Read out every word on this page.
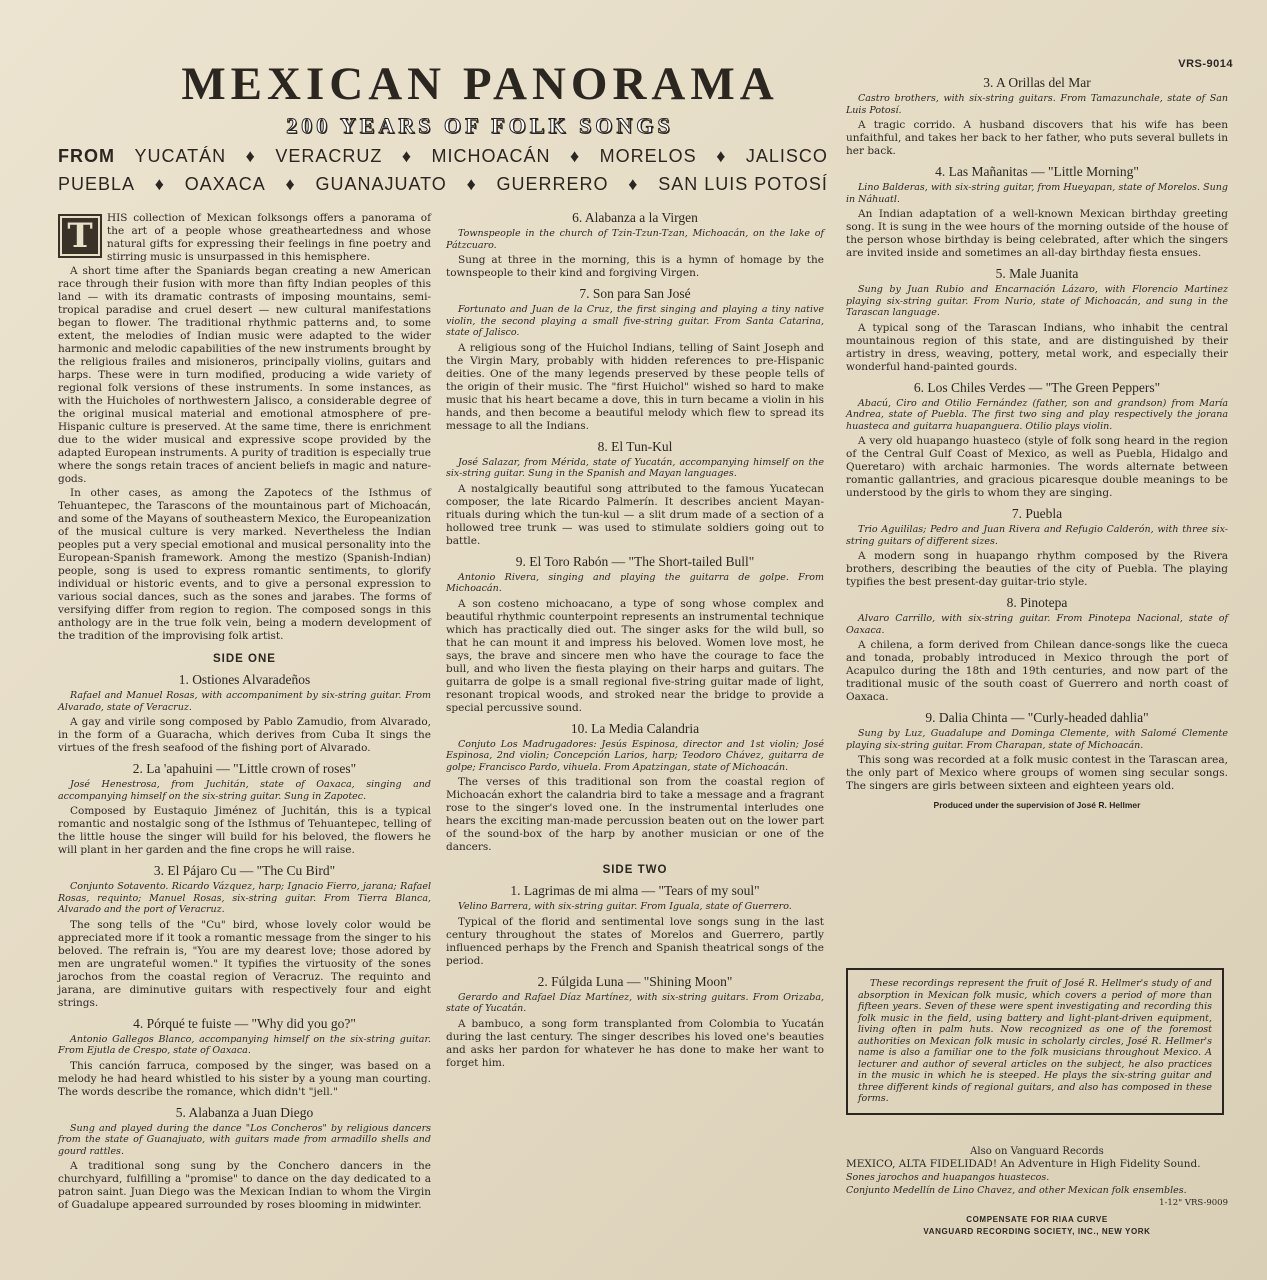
VRS-9014
MEXICAN PANORAMA
200 YEARS OF FOLK SONGS
FROM YUCATÁN ♦ VERACRUZ ♦ MICHOACÁN ♦ MORELOS ♦ JALISCO
PUEBLA ♦ OAXACA ♦ GUANAJUATO ♦ GUERRERO ♦ SAN LUIS POTOSÍ
T	HIS collection of Mexican folksongs offers a panorama of the art of a people whose greatheartedness and whose natural gifts for expressing their feelings in fine poetry and stirring music is unsurpassed in this hemisphere.

A short time after the Spaniards began creating a new American race through their fusion with more than fifty Indian peoples of this land — with its dramatic contrasts of imposing mountains, semi-tropical paradise and cruel desert — new cultural manifestations began to flower. The traditional rhythmic patterns and, to some extent, the melodies of Indian music were adapted to the wider harmonic and melodic capabilities of the new instruments brought by the religious frailes and misioneros, principally violins, guitars and harps. These were in turn modified, producing a wide variety of regional folk versions of these instruments. In some instances, as with the Huicholes of northwestern Jalisco, a considerable degree of the original musical material and emotional atmosphere of pre-Hispanic culture is preserved. At the same time, there is enrichment due to the wider musical and expressive scope provided by the adapted European instruments. A purity of tradition is especially true where the songs retain traces of ancient beliefs in magic and nature-gods.

In other cases, as among the Zapotecs of the Isthmus of Tehuantepec, the Tarascons of the mountainous part of Michoacán, and some of the Mayans of southeastern Mexico, the Europeanization of the musical culture is very marked. Nevertheless the Indian peoples put a very special emotional and musical personality into the European-Spanish framework. Among the mestizo (Spanish-Indian) people, song is used to express romantic sentiments, to glorify individual or historic events, and to give a personal expression to various social dances, such as the sones and jarabes. The forms of versifying differ from region to region. The composed songs in this anthology are in the true folk vein, being a modern development of the tradition of the improvising folk artist.

SIDE ONE
1. Ostiones Alvaradeños

Rafael and Manuel Rosas, with accompaniment by six-string guitar. From Alvarado, state of Veracruz.

A gay and virile song composed by Pablo Zamudio, from Alvarado, in the form of a Guaracha, which derives from Cuba It sings the virtues of the fresh seafood of the fishing port of Alvarado.

2. La 'apahuini — "Little crown of roses"

José Henestrosa, from Juchitán, state of Oaxaca, singing and accompanying himself on the six-string guitar. Sung in Zapotec.

Composed by Eustaquio Jiménez of Juchitán, this is a typical romantic and nostalgic song of the Isthmus of Tehuantepec, telling of the little house the singer will build for his beloved, the flowers he will plant in her garden and the fine crops he will raise.

3. El Pájaro Cu — "The Cu Bird"

Conjunto Sotavento. Ricardo Vázquez, harp; Ignacio Fierro, jarana; Rafael Rosas, requinto; Manuel Rosas, six-string guitar. From Tierra Blanca, Alvarado and the port of Veracruz.

The song tells of the "Cu" bird, whose lovely color would be appreciated more if it took a romantic message from the singer to his beloved. The refrain is, "You are my dearest love; those adored by men are ungrateful women." It typifies the virtuosity of the sones jarochos from the coastal region of Veracruz. The requinto and jarana, are diminutive guitars with respectively four and eight strings.

4. Pórqué te fuiste — "Why did you go?"

Antonio Gallegos Blanco, accompanying himself on the six-string guitar. From Ejutla de Crespo, state of Oaxaca.

This canción farruca, composed by the singer, was based on a melody he had heard whistled to his sister by a young man courting. The words describe the romance, which didn't "jell."

5. Alabanza a Juan Diego

Sung and played during the dance "Los Concheros" by religious dancers from the state of Guanajuato, with guitars made from armadillo shells and gourd rattles.

A traditional song sung by the Conchero dancers in the churchyard, fulfilling a "promise" to dance on the day dedicated to a patron saint. Juan Diego was the Mexican Indian to whom the Virgin of Guadalupe appeared surrounded by roses blooming in midwinter.

6. Alabanza a la Virgen

Townspeople in the church of Tzin-Tzun-Tzan, Michoacán, on the lake of Pátzcuaro.

Sung at three in the morning, this is a hymn of homage by the townspeople to their kind and forgiving Virgen.

7. Son para San José

Fortunato and Juan de la Cruz, the first singing and playing a tiny native violin, the second playing a small five-string guitar. From Santa Catarina, state of Jalisco.

A religious song of the Huichol Indians, telling of Saint Joseph and the Virgin Mary, probably with hidden references to pre-Hispanic deities. One of the many legends preserved by these people tells of the origin of their music. The "first Huichol" wished so hard to make music that his heart became a dove, this in turn became a violin in his hands, and then become a beautiful melody which flew to spread its message to all the Indians.

8. El Tun-Kul

José Salazar, from Mérida, state of Yucatán, accompanying himself on the six-string guitar. Sung in the Spanish and Mayan languages.

A nostalgically beautiful song attributed to the famous Yucatecan composer, the late Ricardo Palmerín. It describes ancient Mayan-rituals during which the tun-kul — a slit drum made of a section of a hollowed tree trunk — was used to stimulate soldiers going out to battle.

9. El Toro Rabón — "The Short-tailed Bull"

Antonio Rivera, singing and playing the guitarra de golpe. From Michoacán.

A son costeno michoacano, a type of song whose complex and beautiful rhythmic counterpoint represents an instrumental technique which has practically died out. The singer asks for the wild bull, so that he can mount it and impress his beloved. Women love most, he says, the brave and sincere men who have the courage to face the bull, and who liven the fiesta playing on their harps and guitars. The guitarra de golpe is a small regional five-string guitar made of light, resonant tropical woods, and stroked near the bridge to provide a special percussive sound.

10. La Media Calandria

Conjuto Los Madrugadores: Jesús Espinosa, director and 1st violin; José Espinosa, 2nd violin; Concepción Larios, harp; Teodoro Chávez, guitarra de golpe; Francisco Pardo, vihuela. From Apatzingan, state of Michoacán.

The verses of this traditional son from the coastal region of Michoacán exhort the calandria bird to take a message and a fragrant rose to the singer's loved one. In the instrumental interludes one hears the exciting man-made percussion beaten out on the lower part of the sound-box of the harp by another musician or one of the dancers.

SIDE TWO
1. Lagrimas de mi alma — "Tears of my soul"

Velino Barrera, with six-string guitar. From Iguala, state of Guerrero.

Typical of the florid and sentimental love songs sung in the last century throughout the states of Morelos and Guerrero, partly influenced perhaps by the French and Spanish theatrical songs of the period.

2. Fúlgida Luna — "Shining Moon"

Gerardo and Rafael Díaz Martínez, with six-string guitars. From Orizaba, state of Yucatán.

A bambuco, a song form transplanted from Colombia to Yucatán during the last century. The singer describes his loved one's beauties and asks her pardon for whatever he has done to make her want to forget him.

3. A Orillas del Mar

Castro brothers, with six-string guitars. From Tamazunchale, state of San Luis Potosí.

A tragic corrido. A husband discovers that his wife has been unfaithful, and takes her back to her father, who puts several bullets in her back.

4. Las Mañanitas — "Little Morning"

Lino Balderas, with six-string guitar, from Hueyapan, state of Morelos. Sung in Náhuatl.

An Indian adaptation of a well-known Mexican birthday greeting song. It is sung in the wee hours of the morning outside of the house of the person whose birthday is being celebrated, after which the singers are invited inside and sometimes an all-day birthday fiesta ensues.

5. Male Juanita

Sung by Juan Rubio and Encarnación Lázaro, with Florencio Martinez playing six-string guitar. From Nurio, state of Michoacán, and sung in the Tarascan language.

A typical song of the Tarascan Indians, who inhabit the central mountainous region of this state, and are distinguished by their artistry in dress, weaving, pottery, metal work, and especially their wonderful hand-painted gourds.

6. Los Chiles Verdes — "The Green Peppers"

Abacú, Ciro and Otilio Fernández (father, son and grandson) from María Andrea, state of Puebla. The first two sing and play respectively the jorana huasteca and guitarra huapanguera. Otilio plays violin.

A very old huapango huasteco (style of folk song heard in the region of the Central Gulf Coast of Mexico, as well as Puebla, Hidalgo and Queretaro) with archaic harmonies. The words alternate between romantic gallantries, and gracious picaresque double meanings to be understood by the girls to whom they are singing.

7. Puebla

Trio Aguililas; Pedro and Juan Rivera and Refugio Calderón, with three six-string guitars of different sizes.

A modern song in huapango rhythm composed by the Rivera brothers, describing the beauties of the city of Puebla. The playing typifies the best present-day guitar-trio style.

8. Pinotepa

Alvaro Carrillo, with six-string guitar. From Pinotepa Nacional, state of Oaxaca.

A chilena, a form derived from Chilean dance-songs like the cueca and tonada, probably introduced in Mexico through the port of Acapulco during the 18th and 19th centuries, and now part of the traditional music of the south coast of Guerrero and north coast of Oaxaca.

9. Dalia Chinta — "Curly-headed dahlia"

Sung by Luz, Guadalupe and Dominga Clemente, with Salomé Clemente playing six-string guitar. From Charapan, state of Michoacán.

This song was recorded at a folk music contest in the Tarascan area, the only part of Mexico where groups of women sing secular songs. The singers are girls between sixteen and eighteen years old.

Produced under the supervision of José R. Hellmer

These recordings represent the fruit of José R. Hellmer's study of and absorption in Mexican folk music, which covers a period of more than fifteen years. Seven of these were spent investigating and recording this folk music in the field, using battery and light-plant-driven equipment, living often in palm huts. Now recognized as one of the foremost authorities on Mexican folk music in scholarly circles, José R. Hellmer's name is also a familiar one to the folk musicians throughout Mexico. A lecturer and author of several articles on the subject, he also practices in the music in which he is steeped. He plays the six-string guitar and three different kinds of regional guitars, and also has composed in these forms.

Also on Vanguard Records
MEXICO, ALTA FIDELIDAD! An Adventure in High Fidelity Sound.
Sones jarochos and huapangos huastecos.
Conjunto Medellín de Lino Chavez, and other Mexican folk ensembles.
1-12" VRS-9009
COMPENSATE FOR RIAA CURVE
VANGUARD RECORDING SOCIETY, INC., NEW YORK
